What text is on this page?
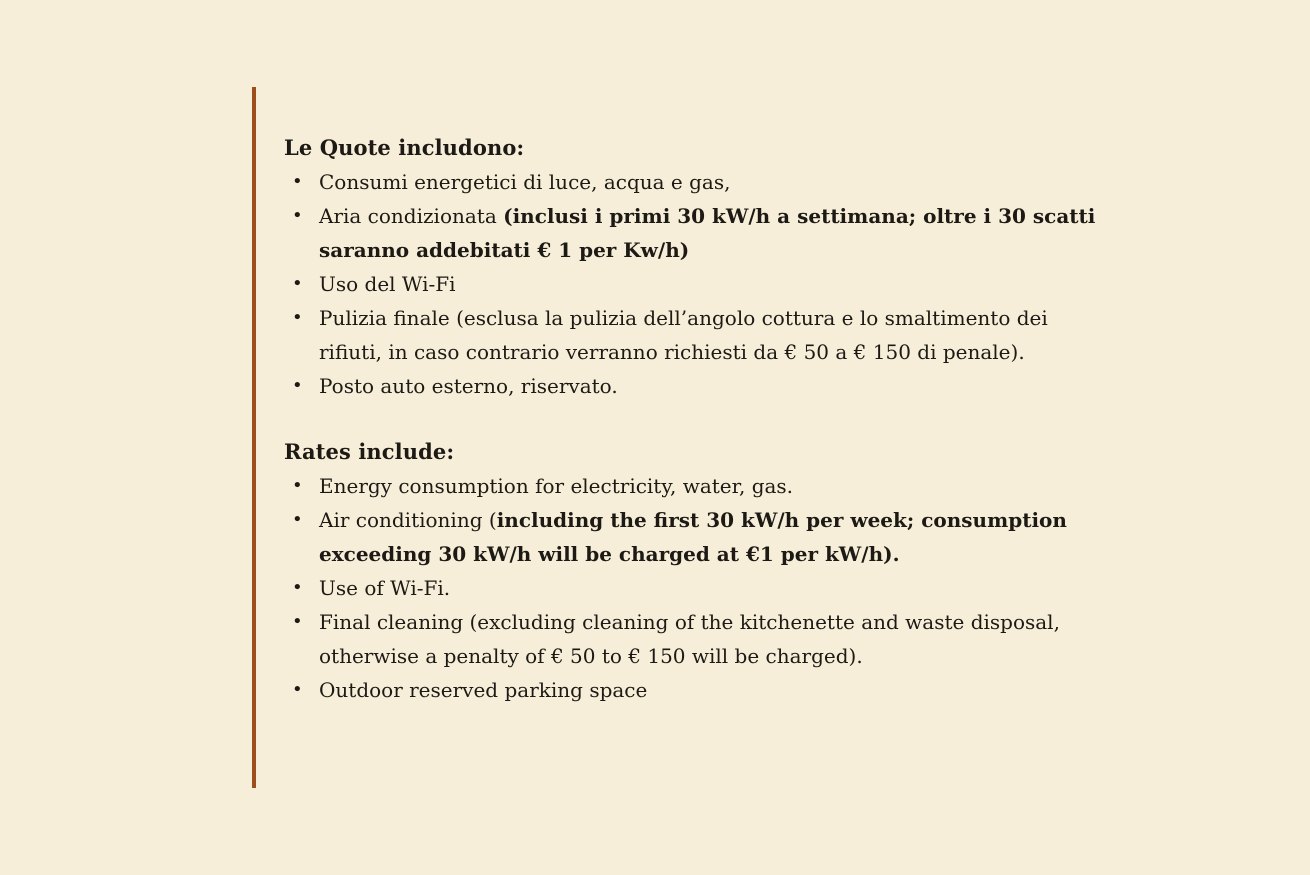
Le Quote includono:

• Consumi energetici di luce, acqua e gas,
• Aria condizionata (inclusi i primi 30 kW/h a settimana; oltre i 30 scatti saranno addebitati € 1 per Kw/h)
• Uso del Wi-Fi
• Pulizia finale (esclusa la pulizia dell’angolo cottura e lo smaltimento dei rifiuti, in caso contrario verranno richiesti da € 50 a € 150 di penale).
• Posto auto esterno, riservato.

Rates include:

• Energy consumption for electricity, water, gas.
• Air conditioning (including the first 30 kW/h per week; consumption exceeding 30 kW/h will be charged at €1 per kW/h).
• Use of Wi-Fi.
• Final cleaning (excluding cleaning of the kitchenette and waste disposal, otherwise a penalty of € 50 to € 150 will be charged).
• Outdoor reserved parking space
